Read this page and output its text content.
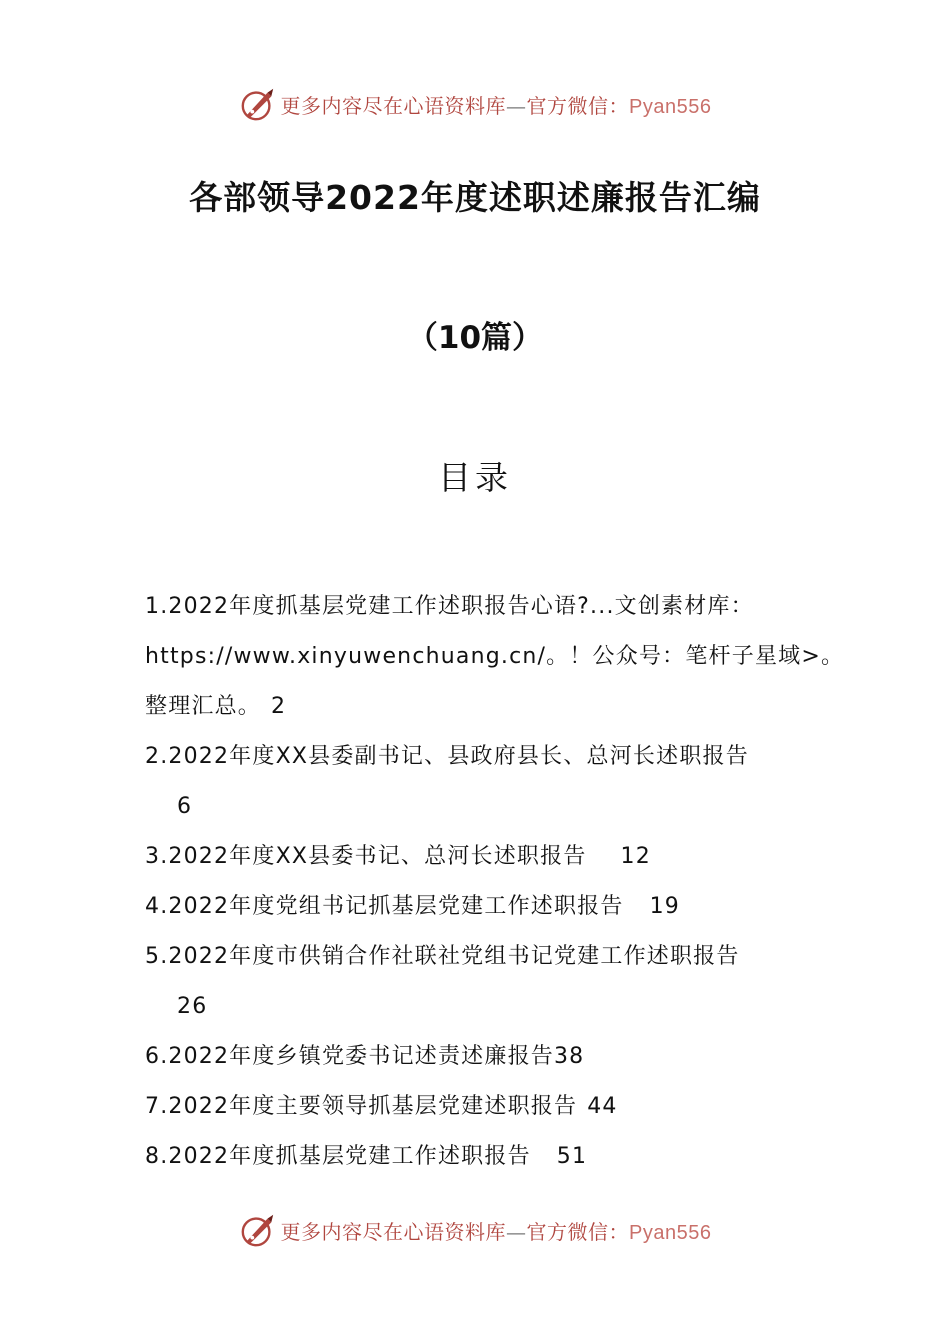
更多内容尽在心语资料库—官方微信：Pyan556
各部领导2022年度述职述廉报告汇编
（10篇）
目录
1.2022年度抓基层党建工作述职报告心语?...文创素材库：
https://www.xinyuwenchuang.cn/。！公众号：笔杆子星域>。
整理汇总。 2
2.2022年度XX县委副书记、县政府县长、总河长述职报告
6
3.2022年度XX县委书记、总河长述职报告 12
4.2022年度党组书记抓基层党建工作述职报告 19
5.2022年度市供销合作社联社党组书记党建工作述职报告
26
6.2022年度乡镇党委书记述责述廉报告38
7.2022年度主要领导抓基层党建述职报告 44
8.2022年度抓基层党建工作述职报告 51
更多内容尽在心语资料库—官方微信：Pyan556
